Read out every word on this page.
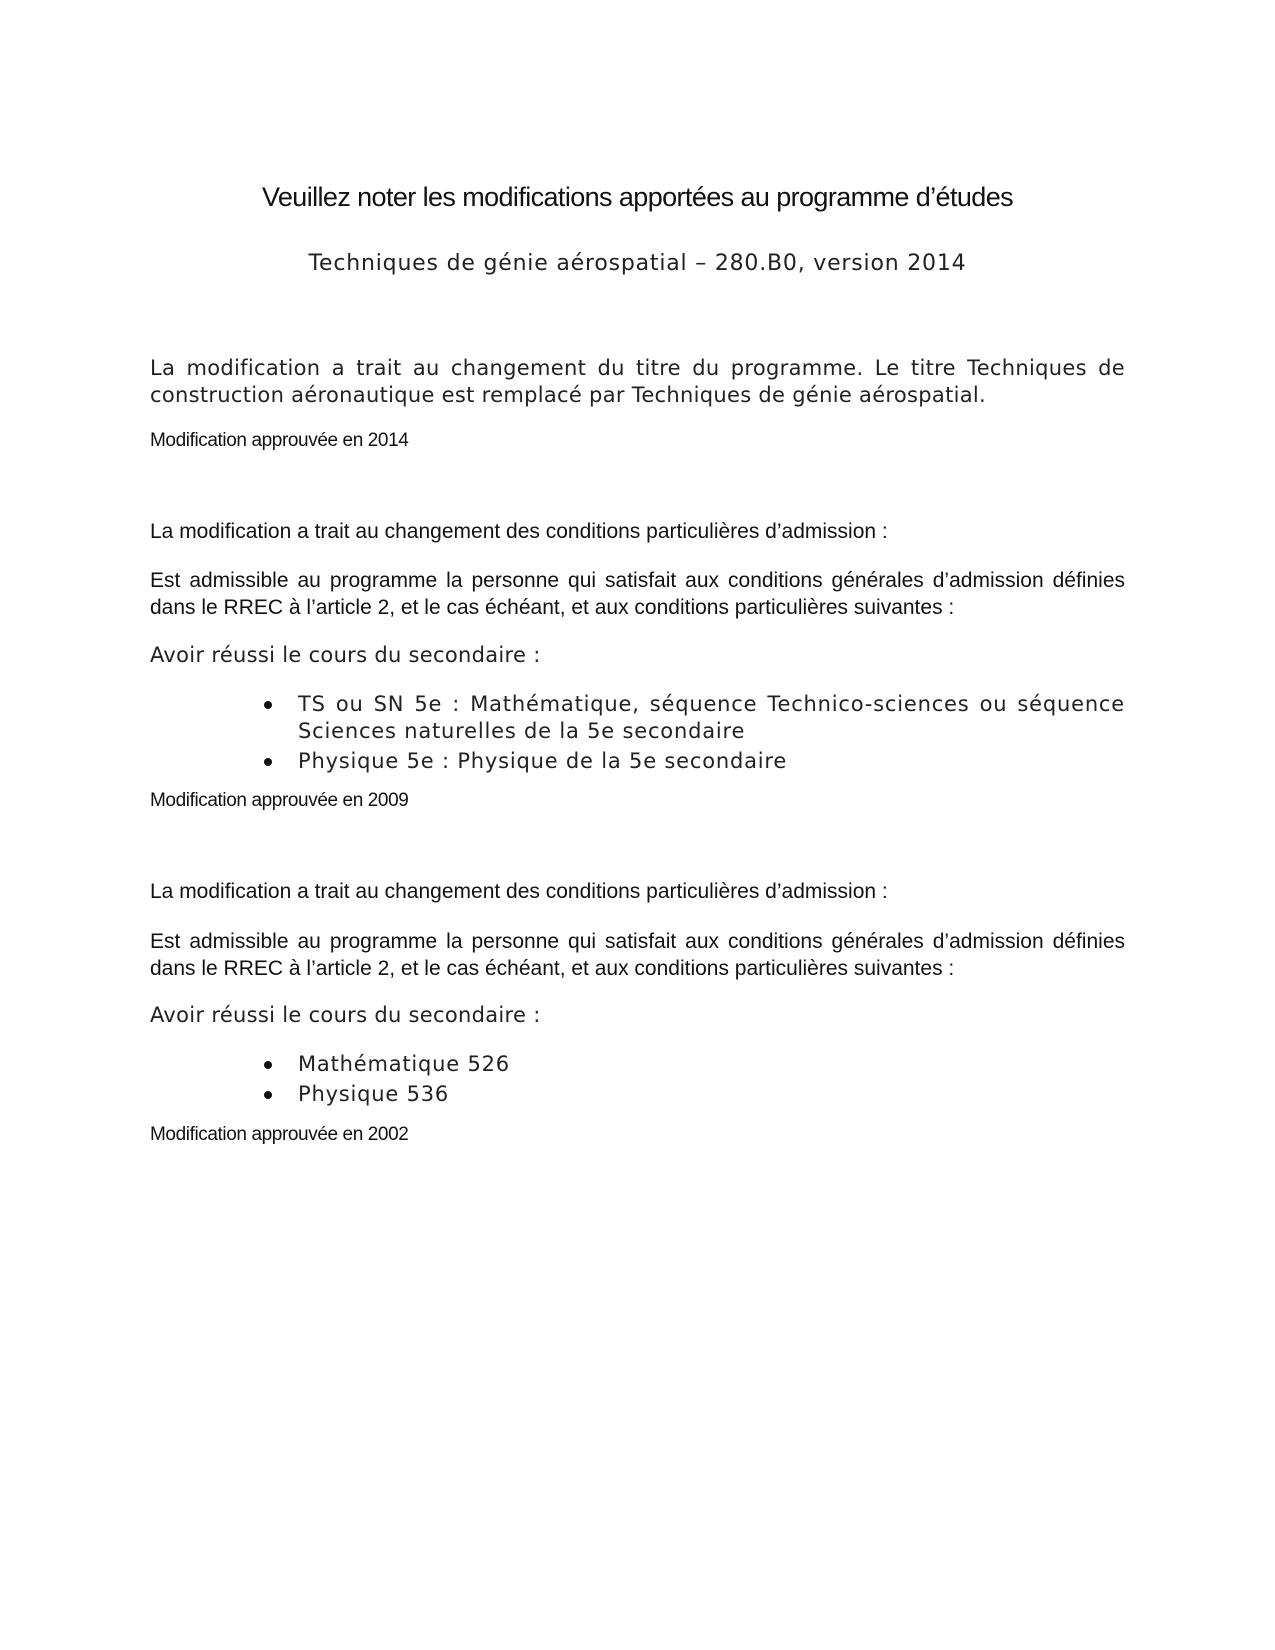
Veuillez noter les modifications apportées au programme d’études
Techniques de génie aérospatial – 280.B0, version 2014

La modification a trait au changement du titre du programme. Le titre Techniques de construction aéronautique est remplacé par Techniques de génie aérospatial.

Modification approuvée en 2014

La modification a trait au changement des conditions particulières d’admission :

Est admissible au programme la personne qui satisfait aux conditions générales d’admission définies dans le RREC à l’article 2, et le cas échéant, et aux conditions particulières suivantes :

Avoir réussi le cours du secondaire :

TS ou SN 5e : Mathématique, séquence Technico-sciences ou séquence Sciences naturelles de la 5e secondaire
Physique 5e : Physique de la 5e secondaire

Modification approuvée en 2009

La modification a trait au changement des conditions particulières d’admission :

Est admissible au programme la personne qui satisfait aux conditions générales d’admission définies dans le RREC à l’article 2, et le cas échéant, et aux conditions particulières suivantes :

Avoir réussi le cours du secondaire :

Mathématique 526
Physique 536

Modification approuvée en 2002
